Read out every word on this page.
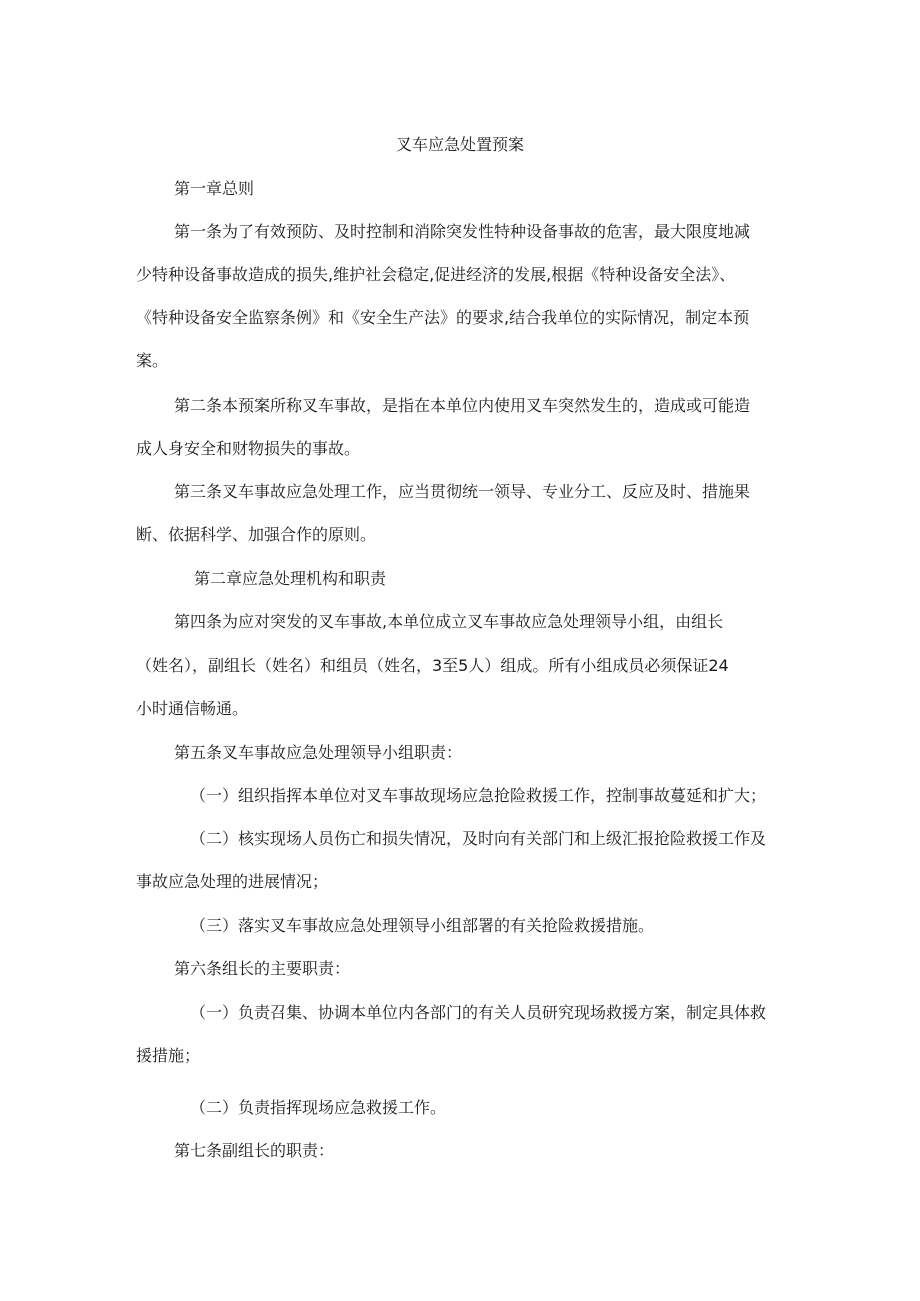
叉车应急处置预案

第一章总则

第一条为了有效预防、及时控制和消除突发性特种设备事故的危害，最大限度地减

少特种设备事故造成的损失,维护社会稳定,促进经济的发展,根据《特种设备安全法》、

《特种设备安全监察条例》和《安全生产法》的要求,结合我单位的实际情况，制定本预

案。

第二条本预案所称叉车事故，是指在本单位内使用叉车突然发生的，造成或可能造

成人身安全和财物损失的事故。

第三条叉车事故应急处理工作，应当贯彻统一领导、专业分工、反应及时、措施果

断、依据科学、加强合作的原则。

第二章应急处理机构和职责

第四条为应对突发的叉车事故,本单位成立叉车事故应急处理领导小组，由组长

（姓名），副组长（姓名）和组员（姓名，3至5人）组成。所有小组成员必须保证24

小时通信畅通。

第五条叉车事故应急处理领导小组职责：

（一）组织指挥本单位对叉车事故现场应急抢险救援工作，控制事故蔓延和扩大；

（二）核实现场人员伤亡和损失情况，及时向有关部门和上级汇报抢险救援工作及

事故应急处理的进展情况；

（三）落实叉车事故应急处理领导小组部署的有关抢险救援措施。

第六条组长的主要职责：

（一）负责召集、协调本单位内各部门的有关人员研究现场救援方案，制定具体救

援措施；

（二）负责指挥现场应急救援工作。

第七条副组长的职责：
